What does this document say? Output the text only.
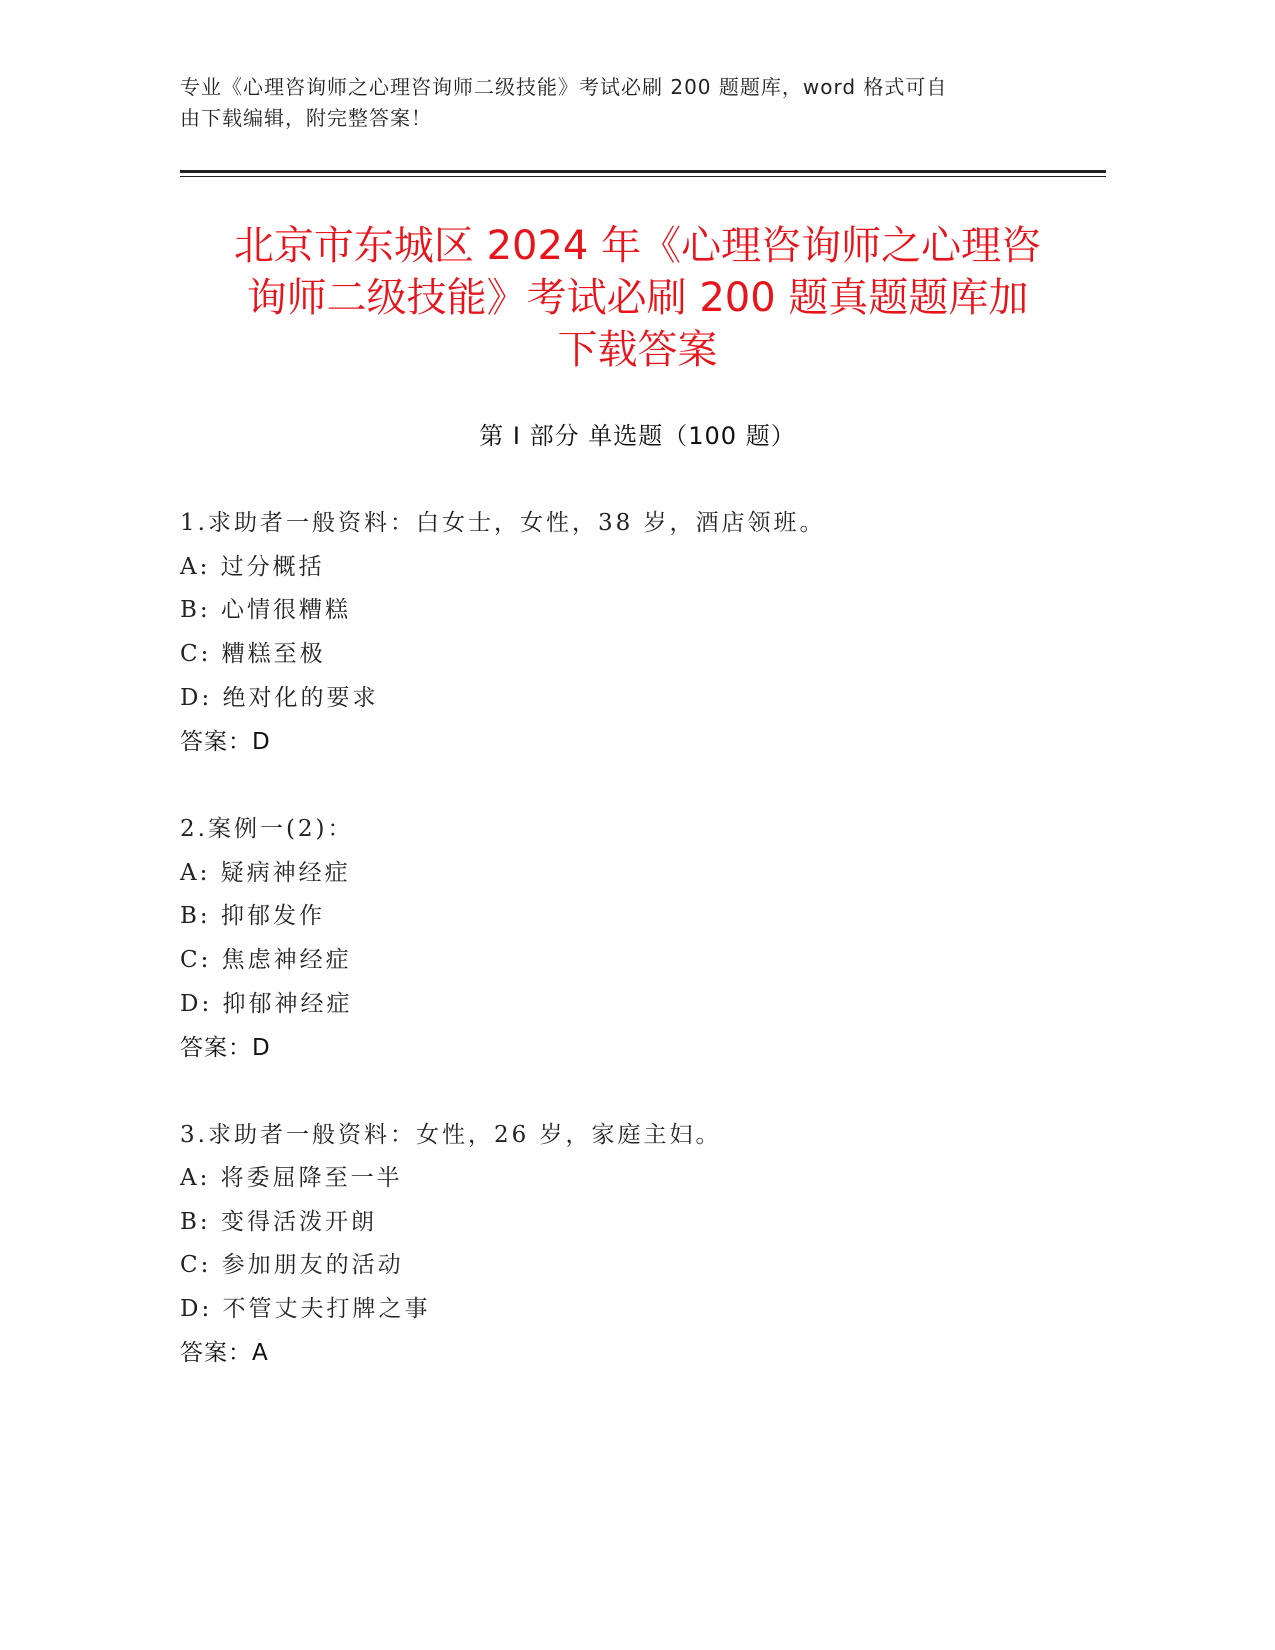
专业《心理咨询师之心理咨询师二级技能》考试必刷 200 题题库，word 格式可自
由下载编辑，附完整答案！
北京市东城区 2024 年《心理咨询师之心理咨
询师二级技能》考试必刷 200 题真题题库加
下载答案
第 I 部分 单选题（100 题）
1.求助者一般资料：白女士，女性，38 岁，酒店领班。
A: 过分概括
B: 心情很糟糕
C: 糟糕至极
D: 绝对化的要求
答案：D
2.案例一(2)：
A: 疑病神经症
B: 抑郁发作
C: 焦虑神经症
D: 抑郁神经症
答案：D
3.求助者一般资料：女性，26 岁，家庭主妇。
A: 将委屈降至一半
B: 变得活泼开朗
C: 参加朋友的活动
D: 不管丈夫打牌之事
答案：A
